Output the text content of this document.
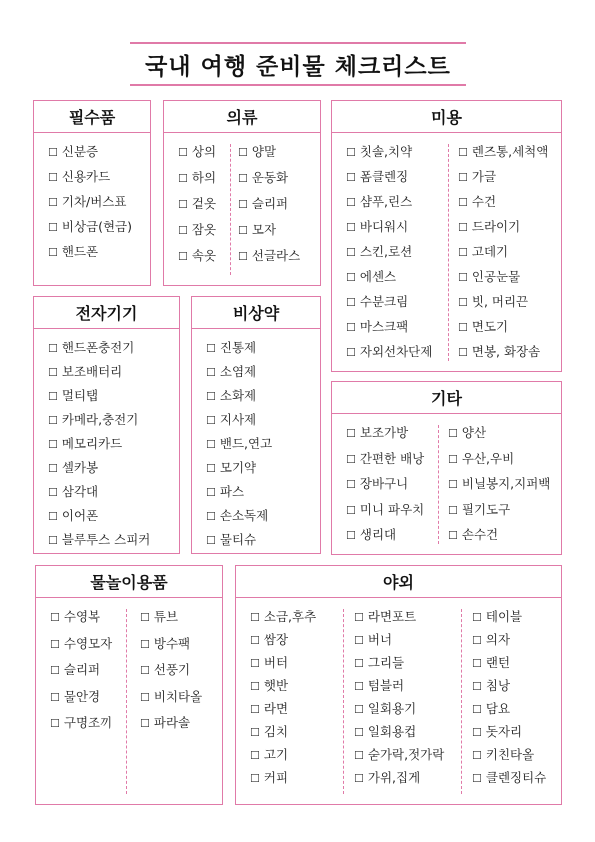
국내 여행 준비물 체크리스트
필수품
☐ 신분증
☐ 신용카드
☐ 기차/버스표
☐ 비상금(현금)
☐ 핸드폰
의류
☐ 상의
☐ 하의
☐ 겉옷
☐ 잠옷
☐ 속옷
☐ 양말
☐ 운동화
☐ 슬리퍼
☐ 모자
☐ 선글라스
미용
☐ 칫솔,치약
☐ 폼클렌징
☐ 샴푸,린스
☐ 바디워시
☐ 스킨,로션
☐ 에센스
☐ 수분크림
☐ 마스크팩
☐ 자외선차단제
☐ 렌즈통,세척액
☐ 가글
☐ 수건
☐ 드라이기
☐ 고데기
☐ 인공눈물
☐ 빗, 머리끈
☐ 면도기
☐ 면봉, 화장솜
전자기기
☐ 핸드폰충전기
☐ 보조배터리
☐ 멀티탭
☐ 카메라,충전기
☐ 메모리카드
☐ 셀카봉
☐ 삼각대
☐ 이어폰
☐ 블루투스 스피커
비상약
☐ 진통제
☐ 소염제
☐ 소화제
☐ 지사제
☐ 밴드,연고
☐ 모기약
☐ 파스
☐ 손소독제
☐ 물티슈
기타
☐ 보조가방
☐ 간편한 배낭
☐ 장바구니
☐ 미니 파우치
☐ 생리대
☐ 양산
☐ 우산,우비
☐ 비닐봉지,지퍼백
☐ 필기도구
☐ 손수건
물놀이용품
☐ 수영복
☐ 수영모자
☐ 슬리퍼
☐ 물안경
☐ 구명조끼
☐ 튜브
☐ 방수팩
☐ 선풍기
☐ 비치타올
☐ 파라솔
야외
☐ 소금,후추
☐ 쌈장
☐ 버터
☐ 햇반
☐ 라면
☐ 김치
☐ 고기
☐ 커피
☐ 라면포트
☐ 버너
☐ 그리들
☐ 텀블러
☐ 일회용기
☐ 일회용컵
☐ 숟가락,젓가락
☐ 가위,집게
☐ 테이블
☐ 의자
☐ 랜턴
☐ 침낭
☐ 담요
☐ 돗자리
☐ 키친타올
☐ 클렌징티슈
